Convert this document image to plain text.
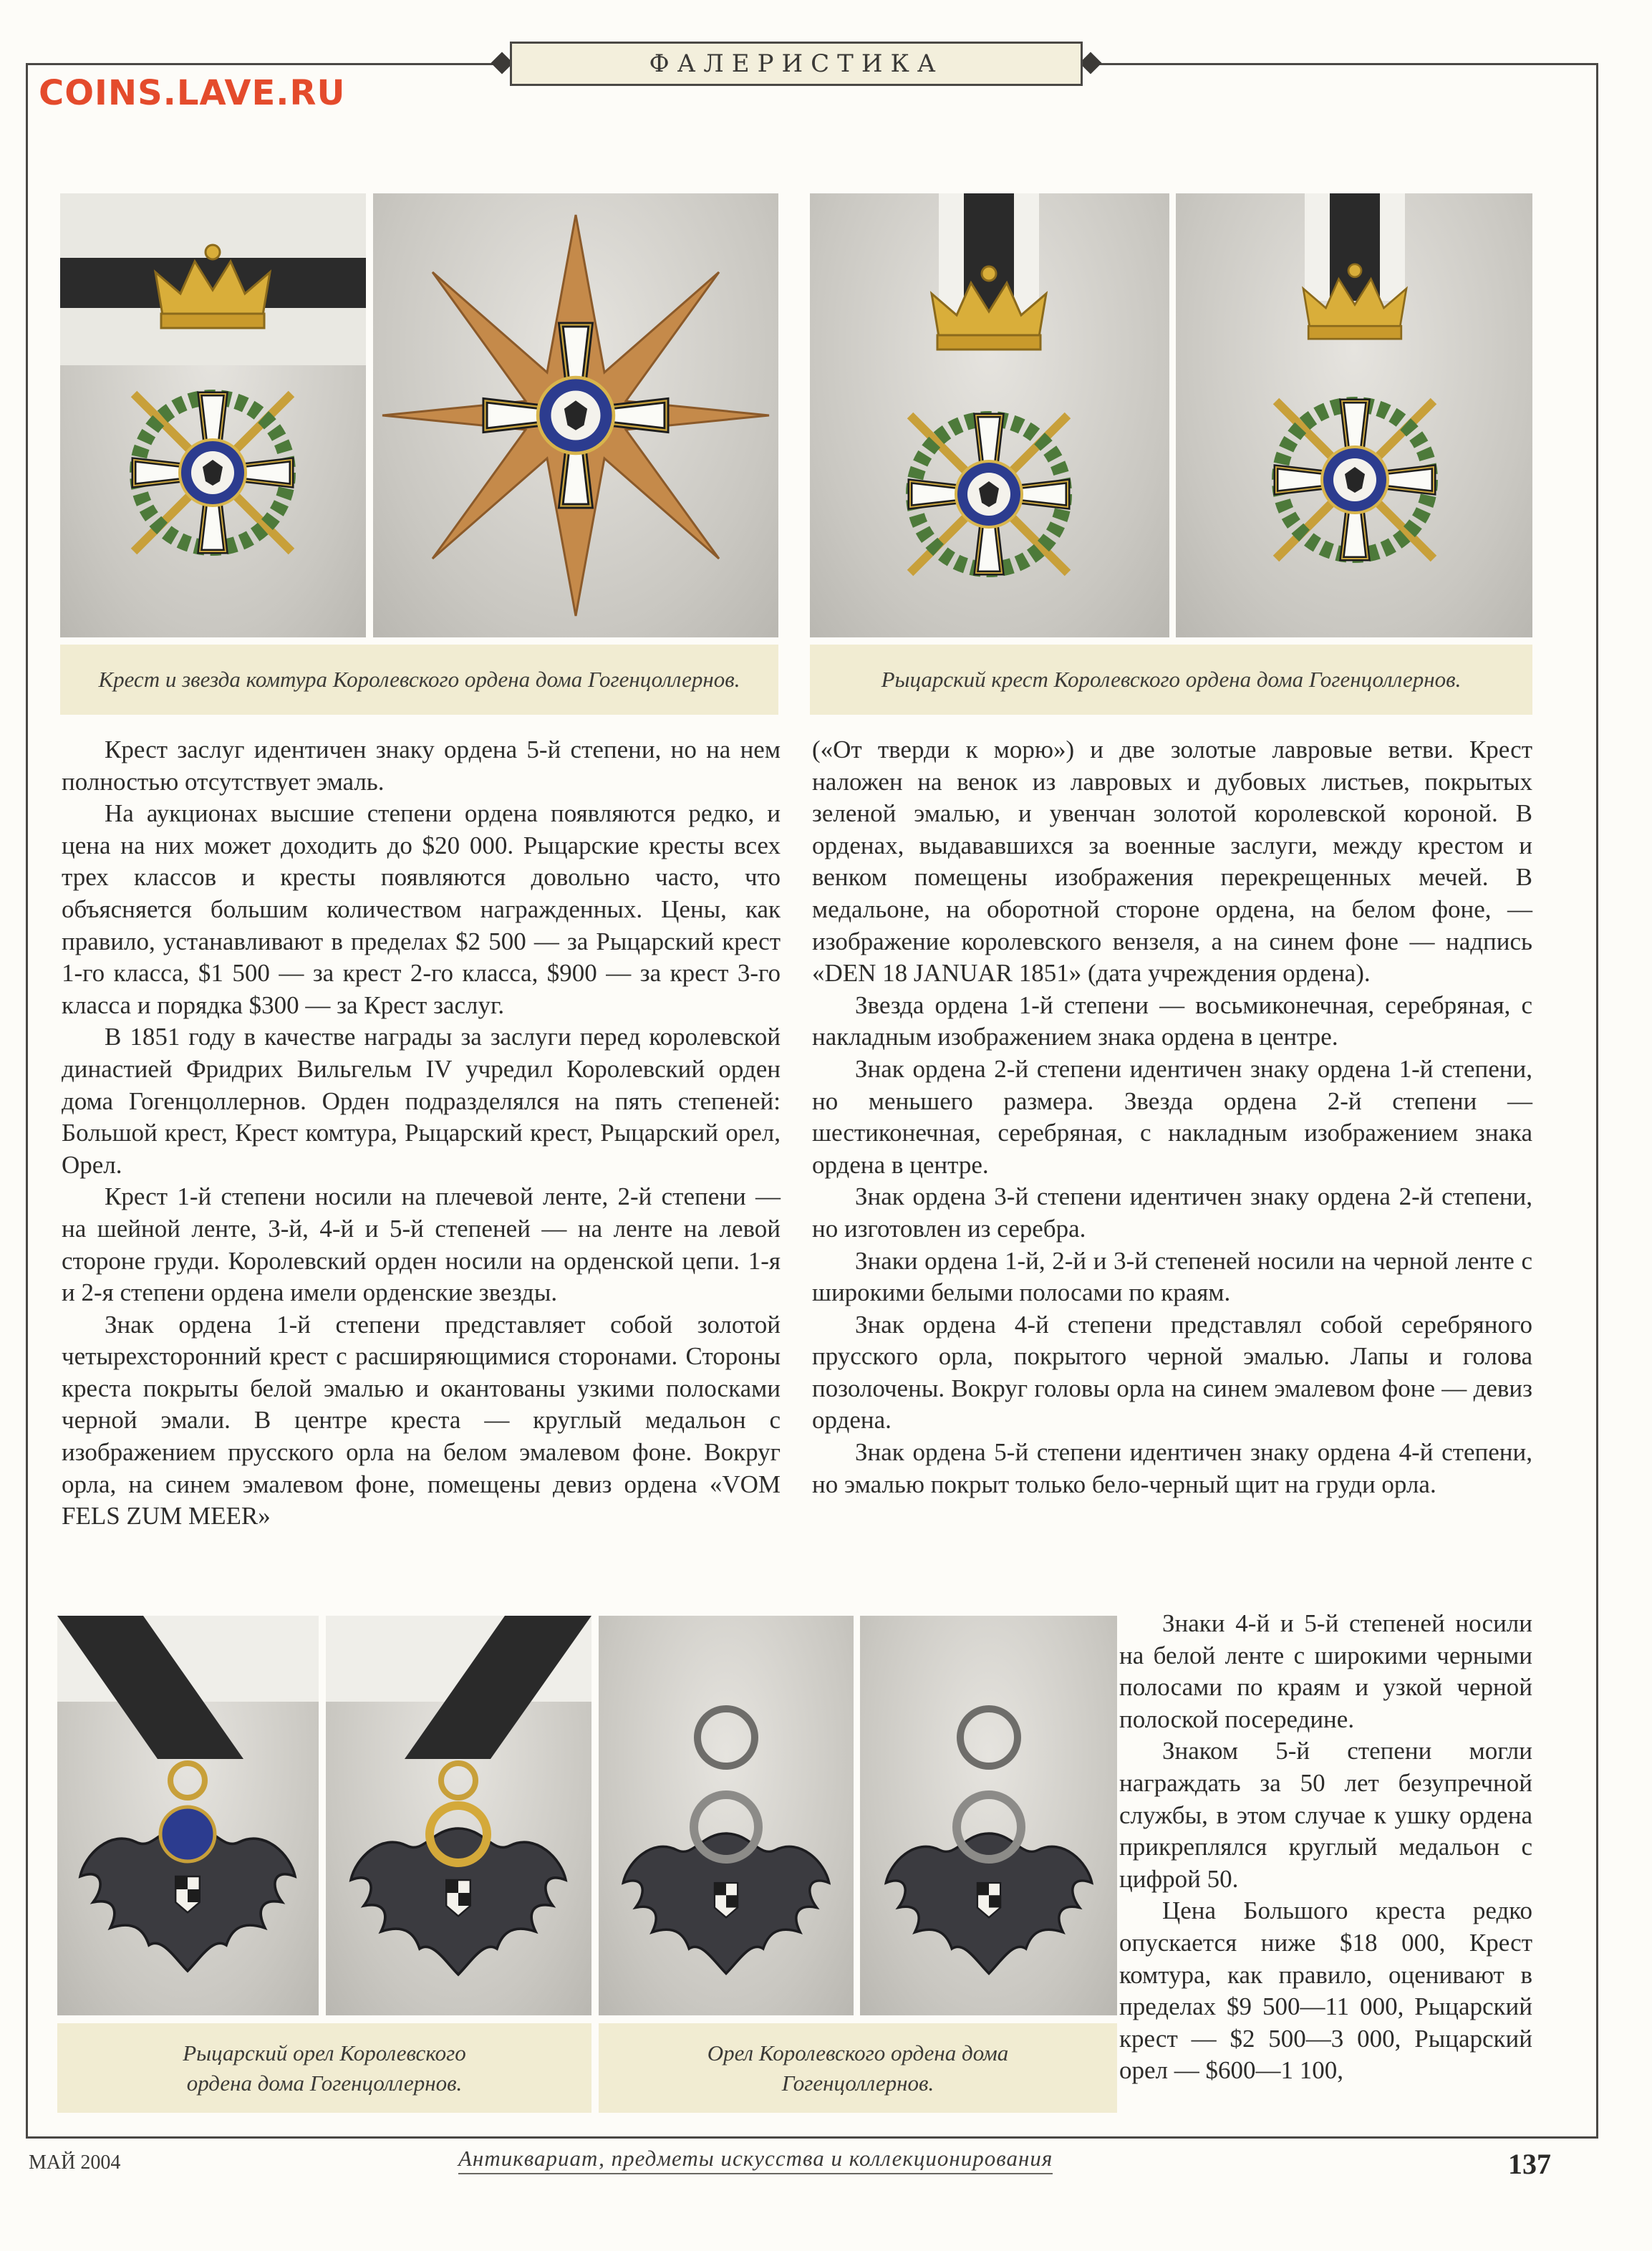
ФАЛЕРИСТИКА
COINS.LAVE.RU

Крест и звезда комтура Королевского ордена дома Гогенцоллернов.	Рыцарский крест Королевского ордена дома Гогенцоллернов.

Крест заслуг идентичен знаку ордена 5-й степени, но на нем полностью отсутствует эмаль.

На аукционах высшие степени ордена появляются редко, и цена на них может доходить до $20 000. Рыцарские кресты всех трех классов и кресты появляются довольно часто, что объясняется большим количеством награжденных. Цены, как правило, устанавливают в пределах $2 500 — за Рыцарский крест 1-го класса, $1 500 — за крест 2-го класса, $900 — за крест 3-го класса и порядка $300 — за Крест заслуг.

В 1851 году в качестве награды за заслуги перед королевской династией Фридрих Вильгельм IV учредил Королевский орден дома Гогенцоллернов. Орден подразделялся на пять степеней: Большой крест, Крест комтура, Рыцарский крест, Рыцарский орел, Орел.

Крест 1-й степени носили на плечевой ленте, 2-й степени — на шейной ленте, 3-й, 4-й и 5-й степеней — на ленте на левой стороне груди. Королевский орден носили на орденской цепи. 1-я и 2-я степени ордена имели орденские звезды.

Знак ордена 1-й степени представляет собой золотой четырехсторонний крест с расширяющимися сторонами. Стороны креста покрыты белой эмалью и окантованы узкими полосками черной эмали. В центре креста — круглый медальон с изображением прусского орла на белом эмалевом фоне. Вокруг орла, на синем эмалевом фоне, помещены девиз ордена «VOM FELS ZUM MEER»

(«От тверди к морю») и две золотые лавровые ветви. Крест наложен на венок из лавровых и дубовых листьев, покрытых зеленой эмалью, и увенчан золотой королевской короной. В орденах, выдававшихся за военные заслуги, между крестом и венком помещены изображения перекрещенных мечей. В медальоне, на оборотной стороне ордена, на белом фоне, — изображение королевского вензеля, а на синем фоне — надпись «DEN 18 JANUAR 1851» (дата учреждения ордена).

Звезда ордена 1-й степени — восьмиконечная, серебряная, с накладным изображением знака ордена в центре.

Знак ордена 2-й степени идентичен знаку ордена 1-й степени, но меньшего размера. Звезда ордена 2-й степени — шестиконечная, серебряная, с накладным изображением знака ордена в центре.

Знак ордена 3-й степени идентичен знаку ордена 2-й степени, но изготовлен из серебра.

Знаки ордена 1-й, 2-й и 3-й степеней носили на черной ленте с широкими белыми полосами по краям.

Знак ордена 4-й степени представлял собой серебряного прусского орла, покрытого черной эмалью. Лапы и голова позолочены. Вокруг головы орла на синем эмалевом фоне — девиз ордена.

Знак ордена 5-й степени идентичен знаку ордена 4-й степени, но эмалью покрыт только бело-черный щит на груди орла.

Рыцарский орел Королевского ордена дома Гогенцоллернов.

Орел Королевского ордена дома Гогенцоллернов.

Знаки 4-й и 5-й степеней носили на белой ленте с широкими черными полосами по краям и узкой черной полоской посередине.

Знаком 5-й степени могли награждать за 50 лет безупречной службы, в этом случае к ушку ордена прикреплялся круглый медальон с цифрой 50.

Цена Большого креста редко опускается ниже $18 000, Крест комтура, как правило, оценивают в пределах $9 500—11 000, Рыцарский крест — $2 500—3 000, Рыцарский орел — $600—1 100,

МАЙ 2004	Антиквариат, предметы искусства и коллекционирования	137
